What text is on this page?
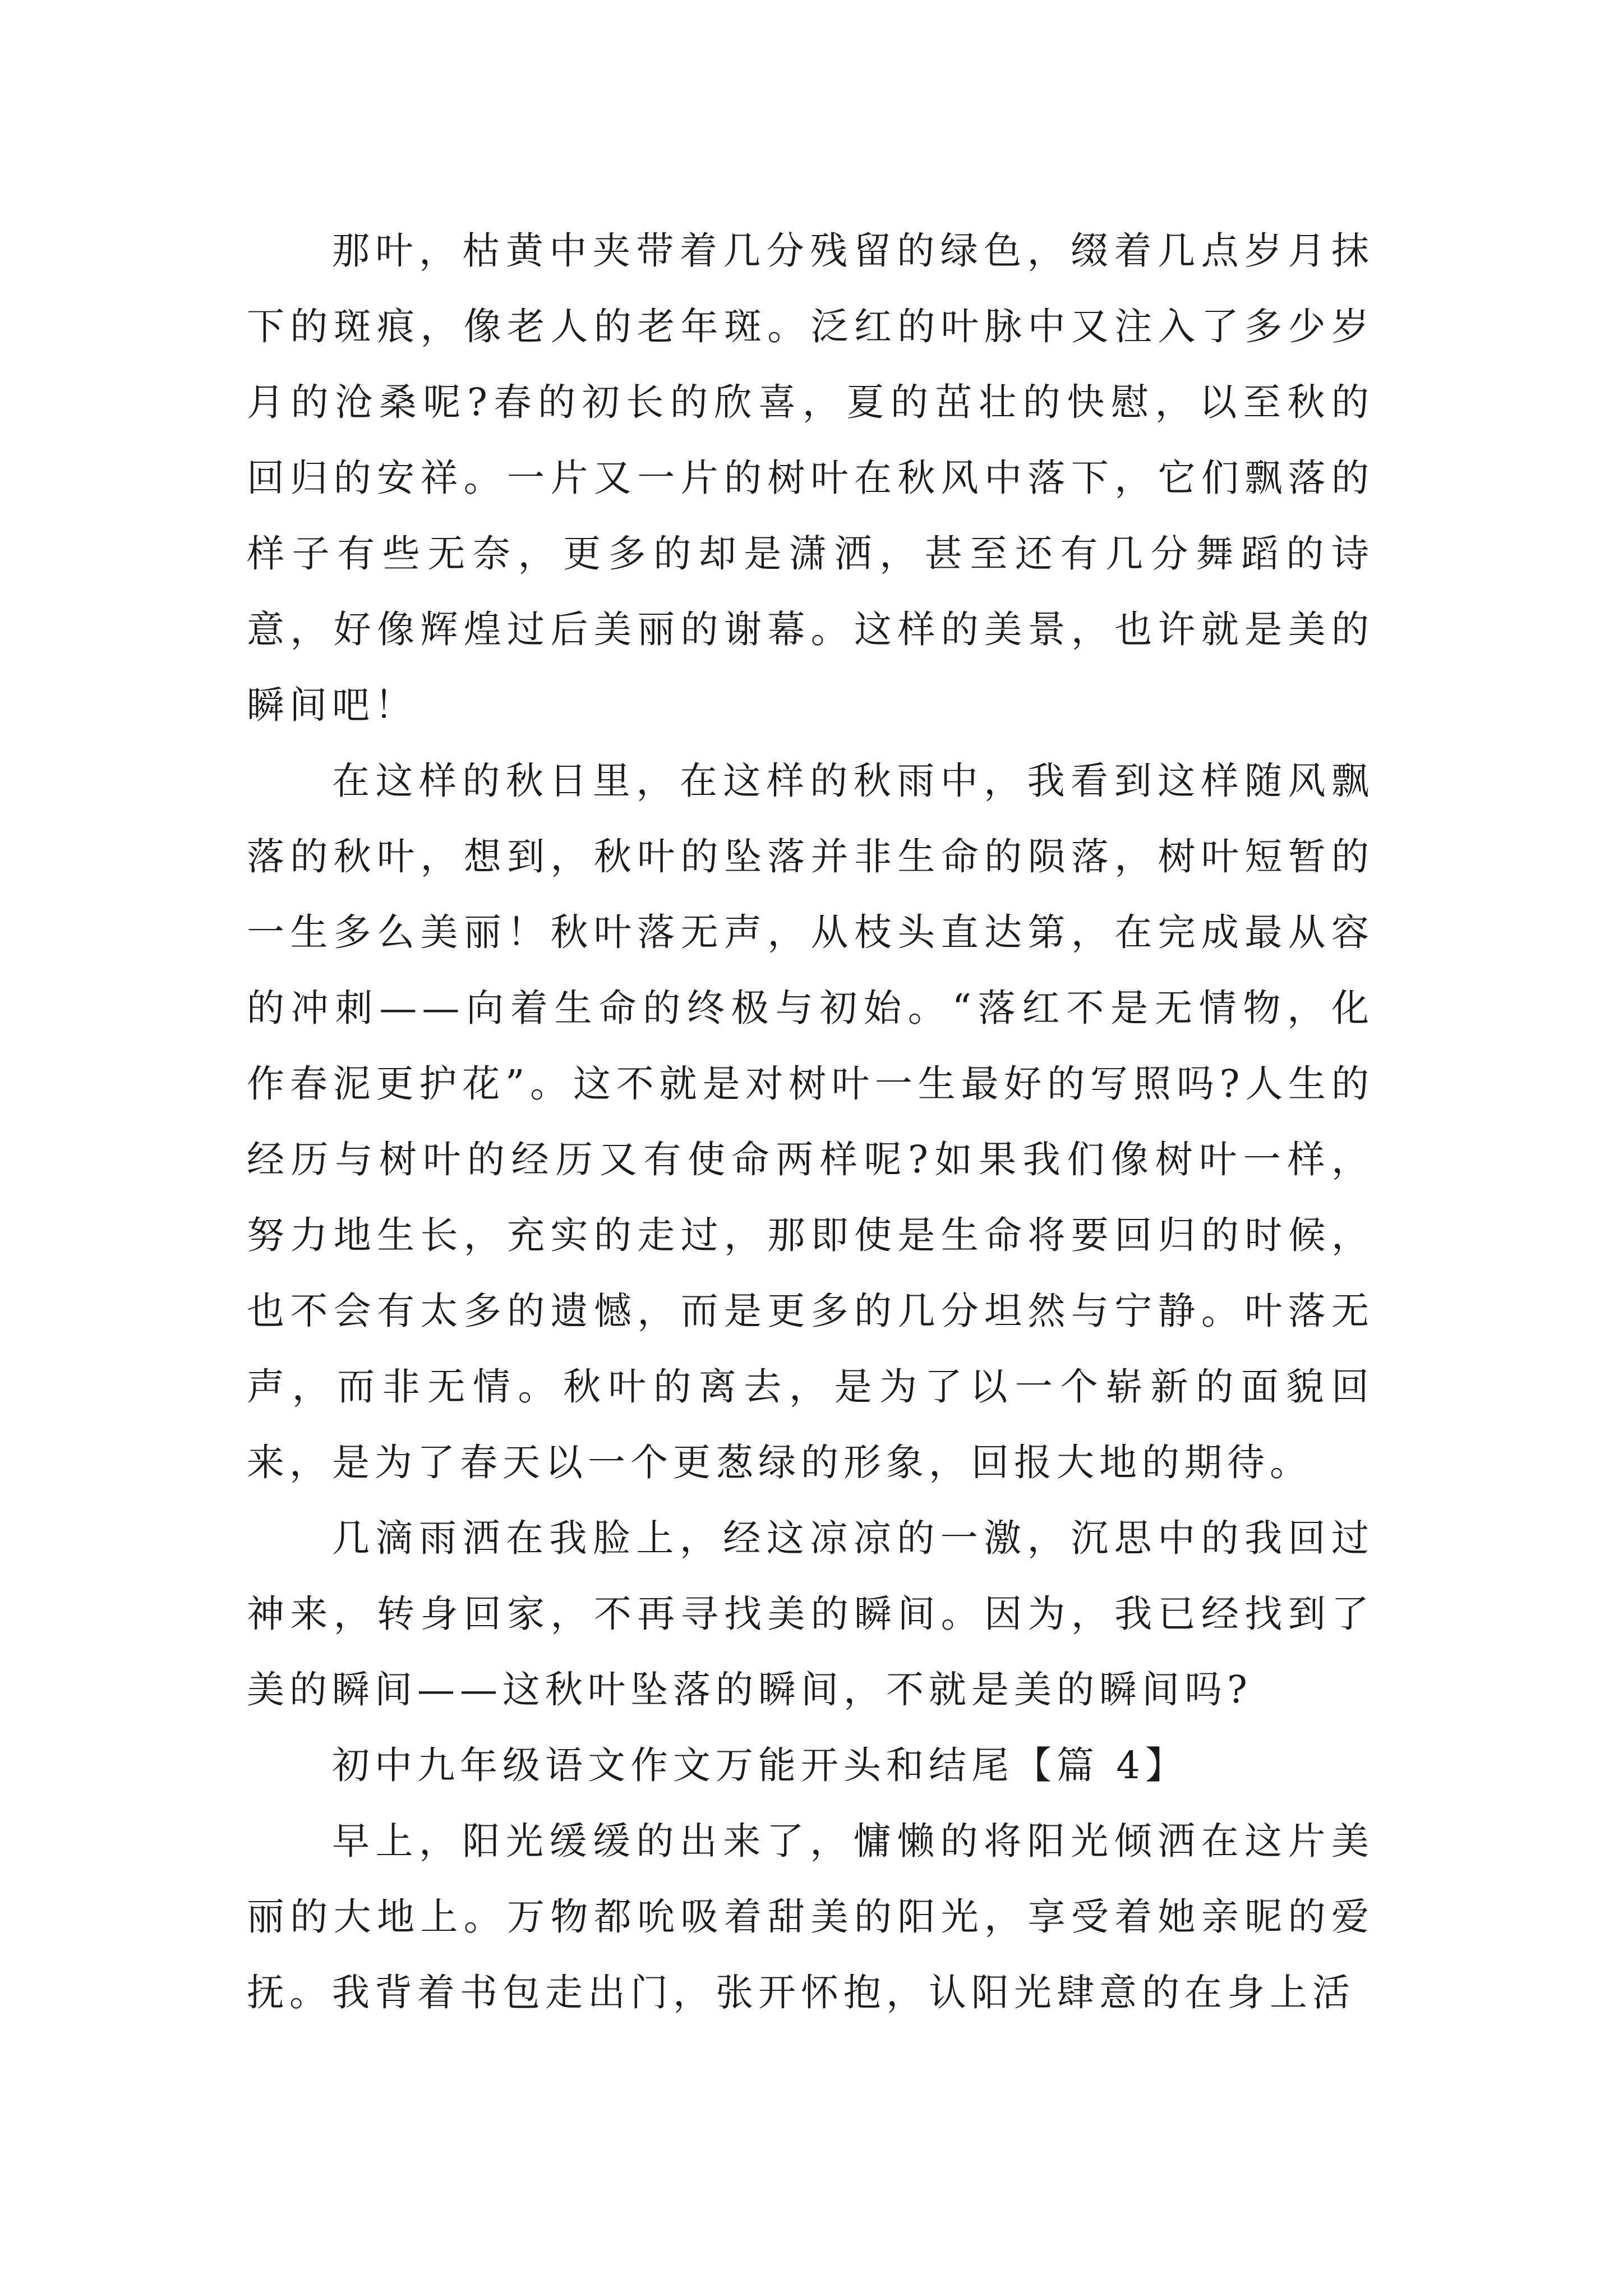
那叶，枯黄中夹带着几分残留的绿色，缀着几点岁月抹下的斑痕，像老人的老年斑。泛红的叶脉中又注入了多少岁月的沧桑呢?春的初长的欣喜，夏的茁壮的快慰，以至秋的回归的安祥。一片又一片的树叶在秋风中落下，它们飘落的样子有些无奈，更多的却是潇洒，甚至还有几分舞蹈的诗意，好像辉煌过后美丽的谢幕。这样的美景，也许就是美的瞬间吧！

在这样的秋日里，在这样的秋雨中，我看到这样随风飘落的秋叶，想到，秋叶的坠落并非生命的陨落，树叶短暂的一生多么美丽！秋叶落无声，从枝头直达第，在完成最从容的冲刺——向着生命的终极与初始。“落红不是无情物，化作春泥更护花”。这不就是对树叶一生最好的写照吗?人生的经历与树叶的经历又有使命两样呢?如果我们像树叶一样，努力地生长，充实的走过，那即使是生命将要回归的时候，也不会有太多的遗憾，而是更多的几分坦然与宁静。叶落无声，而非无情。秋叶的离去，是为了以一个崭新的面貌回来，是为了春天以一个更葱绿的形象，回报大地的期待。

几滴雨洒在我脸上，经这凉凉的一激，沉思中的我回过神来，转身回家，不再寻找美的瞬间。因为，我已经找到了美的瞬间——这秋叶坠落的瞬间，不就是美的瞬间吗?

初中九年级语文作文万能开头和结尾【篇 4】

早上，阳光缓缓的出来了，慵懒的将阳光倾洒在这片美丽的大地上。万物都吮吸着甜美的阳光，享受着她亲昵的爱抚。我背着书包走出门，张开怀抱，认阳光肆意的在身上活
